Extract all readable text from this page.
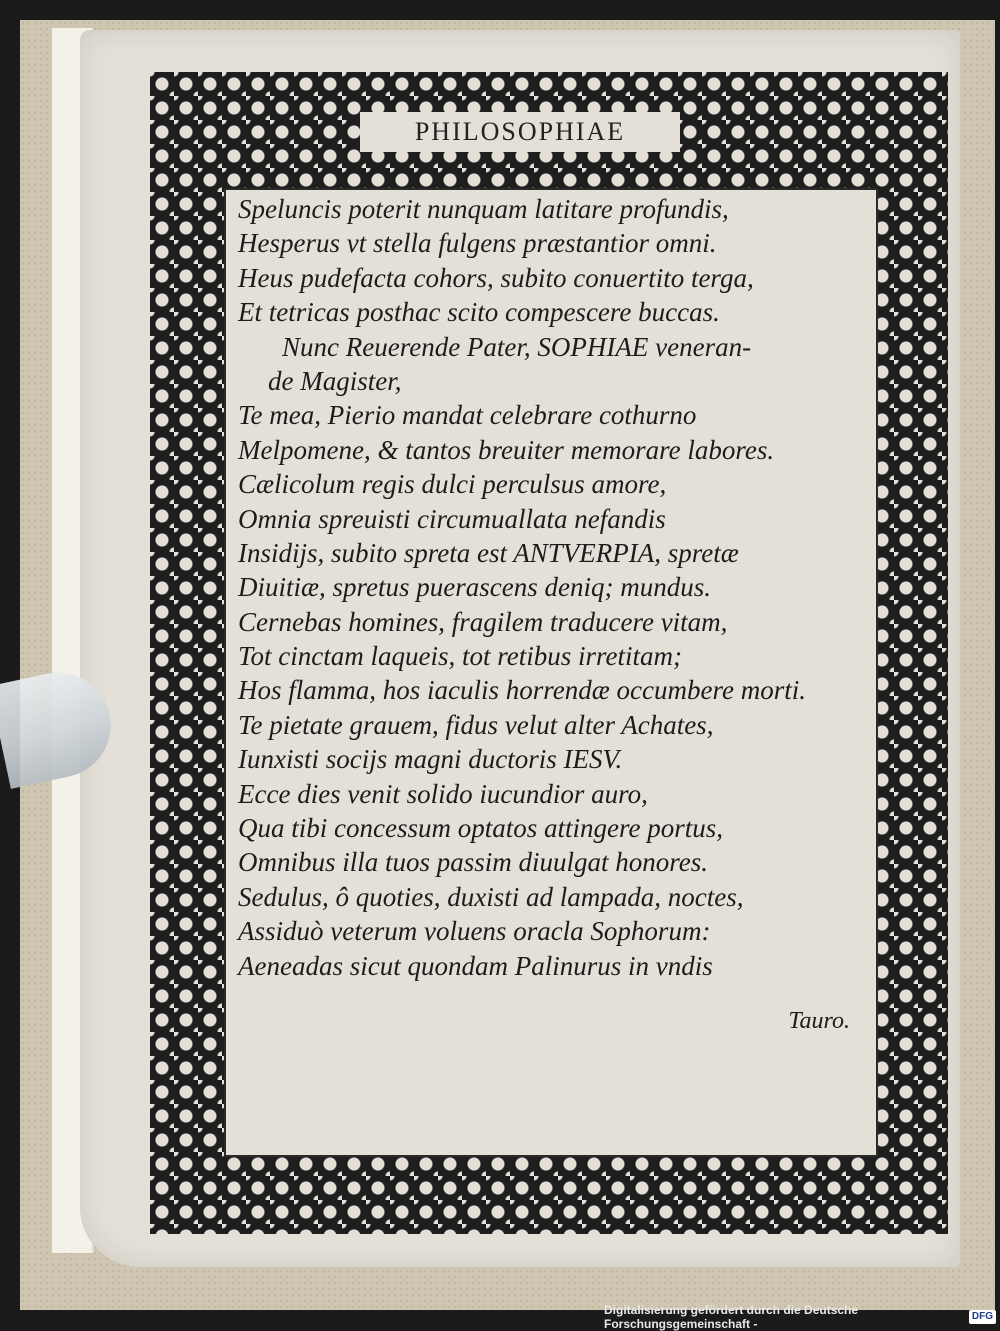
PHILOSOPHIAE
Speluncis poterit nunquam latitare profundis,
Hesperus vt stella fulgens præstantior omni.
Heus pudefacta cohors, subito conuertito terga,
Et tetricas posthac scito compescere buccas.
Nunc Reuerende Pater, SOPHIAE veneran-
de Magister,
Te mea, Pierio mandat celebrare cothurno
Melpomene, & tantos breuiter memorare labores.
Cælicolum regis dulci perculsus amore,
Omnia spreuisti circumuallata nefandis
Insidijs, subito spreta est ANTVERPIA, spretæ
Diuitiæ, spretus puerascens deniq; mundus.
Cernebas homines, fragilem traducere vitam,
Tot cinctam laqueis, tot retibus irretitam;
Hos flamma, hos iaculis horrendæ occumbere morti.
Te pietate grauem, fidus velut alter Achates,
Iunxisti socijs magni ductoris IESV.
Ecce dies venit solido iucundior auro,
Qua tibi concessum optatos attingere portus,
Omnibus illa tuos passim diuulgat honores.
Sedulus, ô quoties, duxisti ad lampada, noctes,
Assiduò veterum voluens oracla Sophorum:
Aeneadas sicut quondam Palinurus in vndis
Tauro.
Digitalisierung gefördert durch die Deutsche Forschungsgemeinschaft -
DFG
